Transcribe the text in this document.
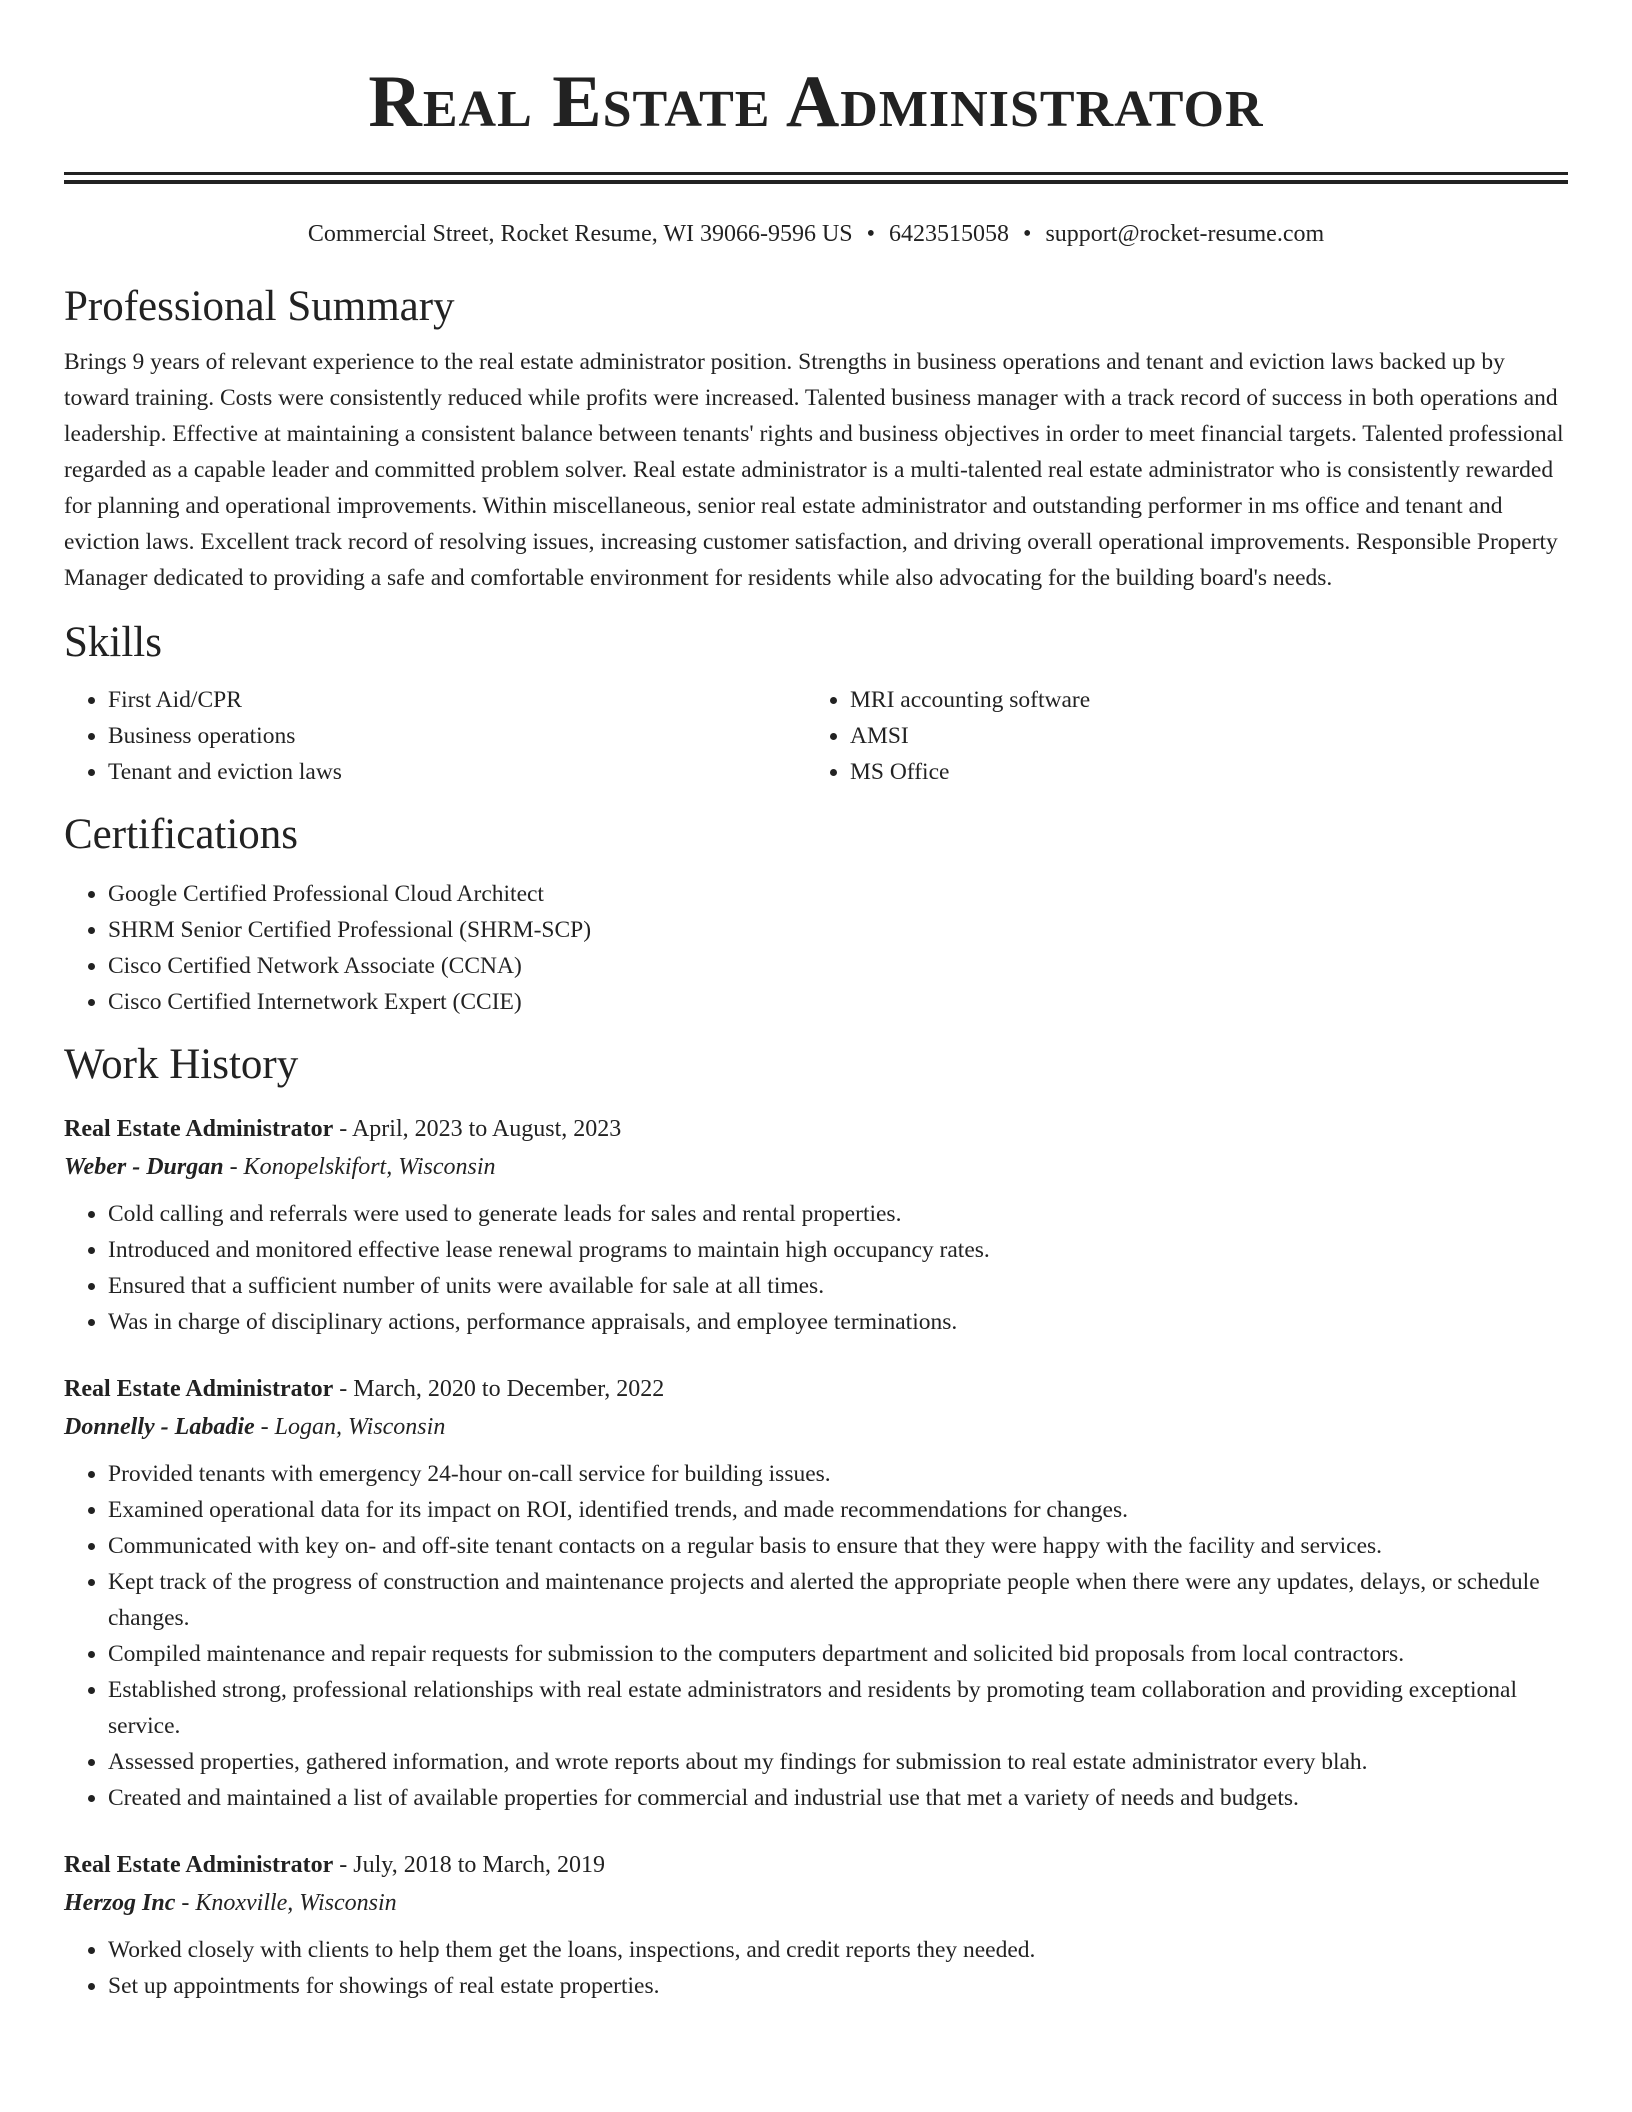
Real Estate Administrator
Commercial Street, Rocket Resume, WI 39066-9596 US • 6423515058 • support@rocket-resume.com
Professional Summary

Brings 9 years of relevant experience to the real estate administrator position. Strengths in business operations and tenant and eviction laws backed up by toward training. Costs were consistently reduced while profits were increased. Talented business manager with a track record of success in both operations and leadership. Effective at maintaining a consistent balance between tenants' rights and business objectives in order to meet financial targets. Talented professional regarded as a capable leader and committed problem solver. Real estate administrator is a multi-talented real estate administrator who is consistently rewarded for planning and operational improvements. Within miscellaneous, senior real estate administrator and outstanding performer in ms office and tenant and eviction laws. Excellent track record of resolving issues, increasing customer satisfaction, and driving overall operational improvements. Responsible Property Manager dedicated to providing a safe and comfortable environment for residents while also advocating for the building board's needs.

Skills
• First Aid/CPR
• Business operations
• Tenant and eviction laws
• MRI accounting software
• AMSI
• MS Office
Certifications
• Google Certified Professional Cloud Architect
• SHRM Senior Certified Professional (SHRM-SCP)
• Cisco Certified Network Associate (CCNA)
• Cisco Certified Internetwork Expert (CCIE)
Work History
Real Estate Administrator - April, 2023 to August, 2023
Weber - Durgan - Konopelskifort, Wisconsin
• Cold calling and referrals were used to generate leads for sales and rental properties.
• Introduced and monitored effective lease renewal programs to maintain high occupancy rates.
• Ensured that a sufficient number of units were available for sale at all times.
• Was in charge of disciplinary actions, performance appraisals, and employee terminations.
Real Estate Administrator - March, 2020 to December, 2022
Donnelly - Labadie - Logan, Wisconsin
• Provided tenants with emergency 24-hour on-call service for building issues.
• Examined operational data for its impact on ROI, identified trends, and made recommendations for changes.
• Communicated with key on- and off-site tenant contacts on a regular basis to ensure that they were happy with the facility and services.
• Kept track of the progress of construction and maintenance projects and alerted the appropriate people when there were any updates, delays, or schedule changes.
• Compiled maintenance and repair requests for submission to the computers department and solicited bid proposals from local contractors.
• Established strong, professional relationships with real estate administrators and residents by promoting team collaboration and providing exceptional service.
• Assessed properties, gathered information, and wrote reports about my findings for submission to real estate administrator every blah.
• Created and maintained a list of available properties for commercial and industrial use that met a variety of needs and budgets.
Real Estate Administrator - July, 2018 to March, 2019
Herzog Inc - Knoxville, Wisconsin
• Worked closely with clients to help them get the loans, inspections, and credit reports they needed.
• Set up appointments for showings of real estate properties.
